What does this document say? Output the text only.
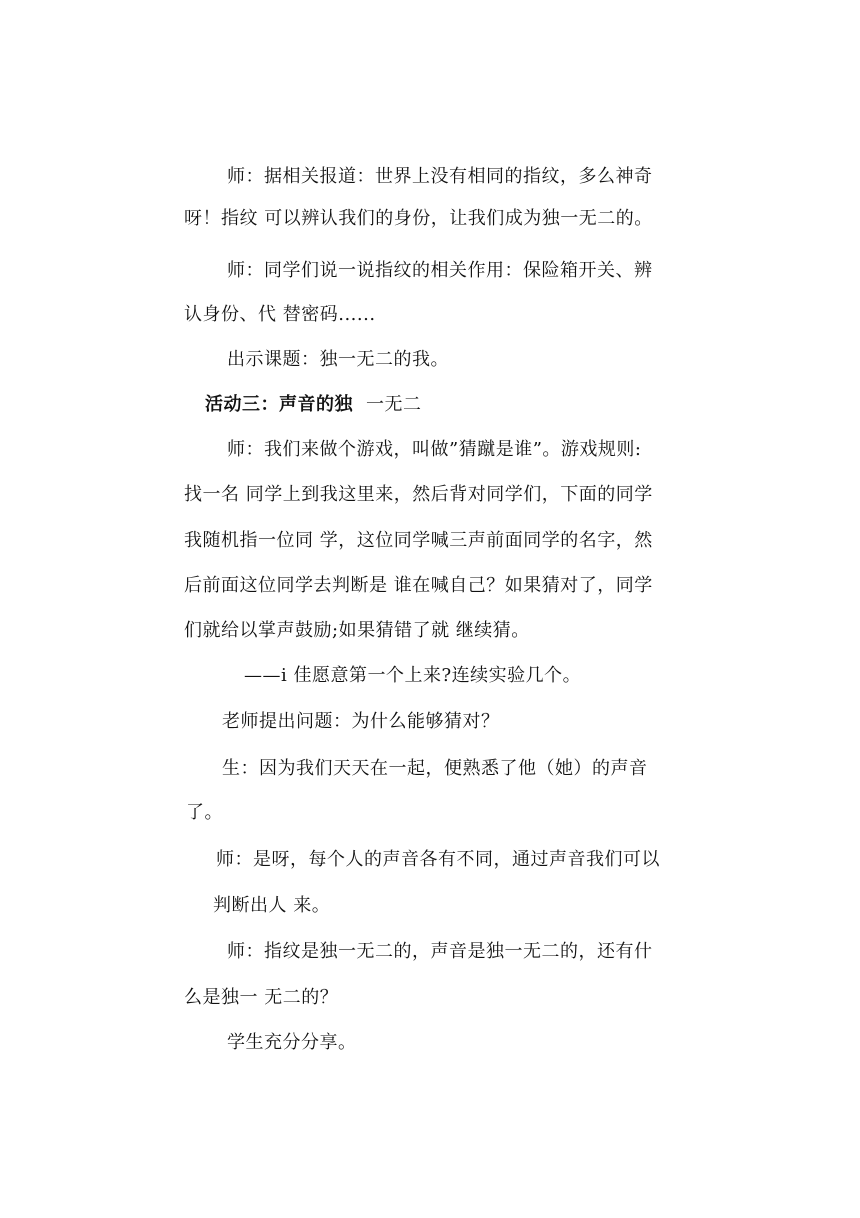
师：据相关报道：世界上没有相同的指纹，多么神奇
呀！指纹 可以辨认我们的身份，让我们成为独一无二的。
师：同学们说一说指纹的相关作用：保险箱开关、辨
认身份、代 替密码......
出示课题：独一无二的我。
活动三：声音的独 一无二
师：我们来做个游戏，叫做”猜蹴是谁”。游戏规则:
找一名 同学上到我这里来，然后背对同学们，下面的同学
我随机指一位同 学，这位同学喊三声前面同学的名字，然
后前面这位同学去判断是 谁在喊自己？如果猜对了，同学
们就给以掌声鼓励;如果猜错了就 继续猜。
——i 佳愿意第一个上来?连续实验几个。
老师提出问题：为什么能够猜对？
生：因为我们天天在一起，便熟悉了他（她）的声音
了。
师：是呀，每个人的声音各有不同，通过声音我们可以
判断出人 来。
师：指纹是独一无二的，声音是独一无二的，还有什
么是独一 无二的？
学生充分分享。
